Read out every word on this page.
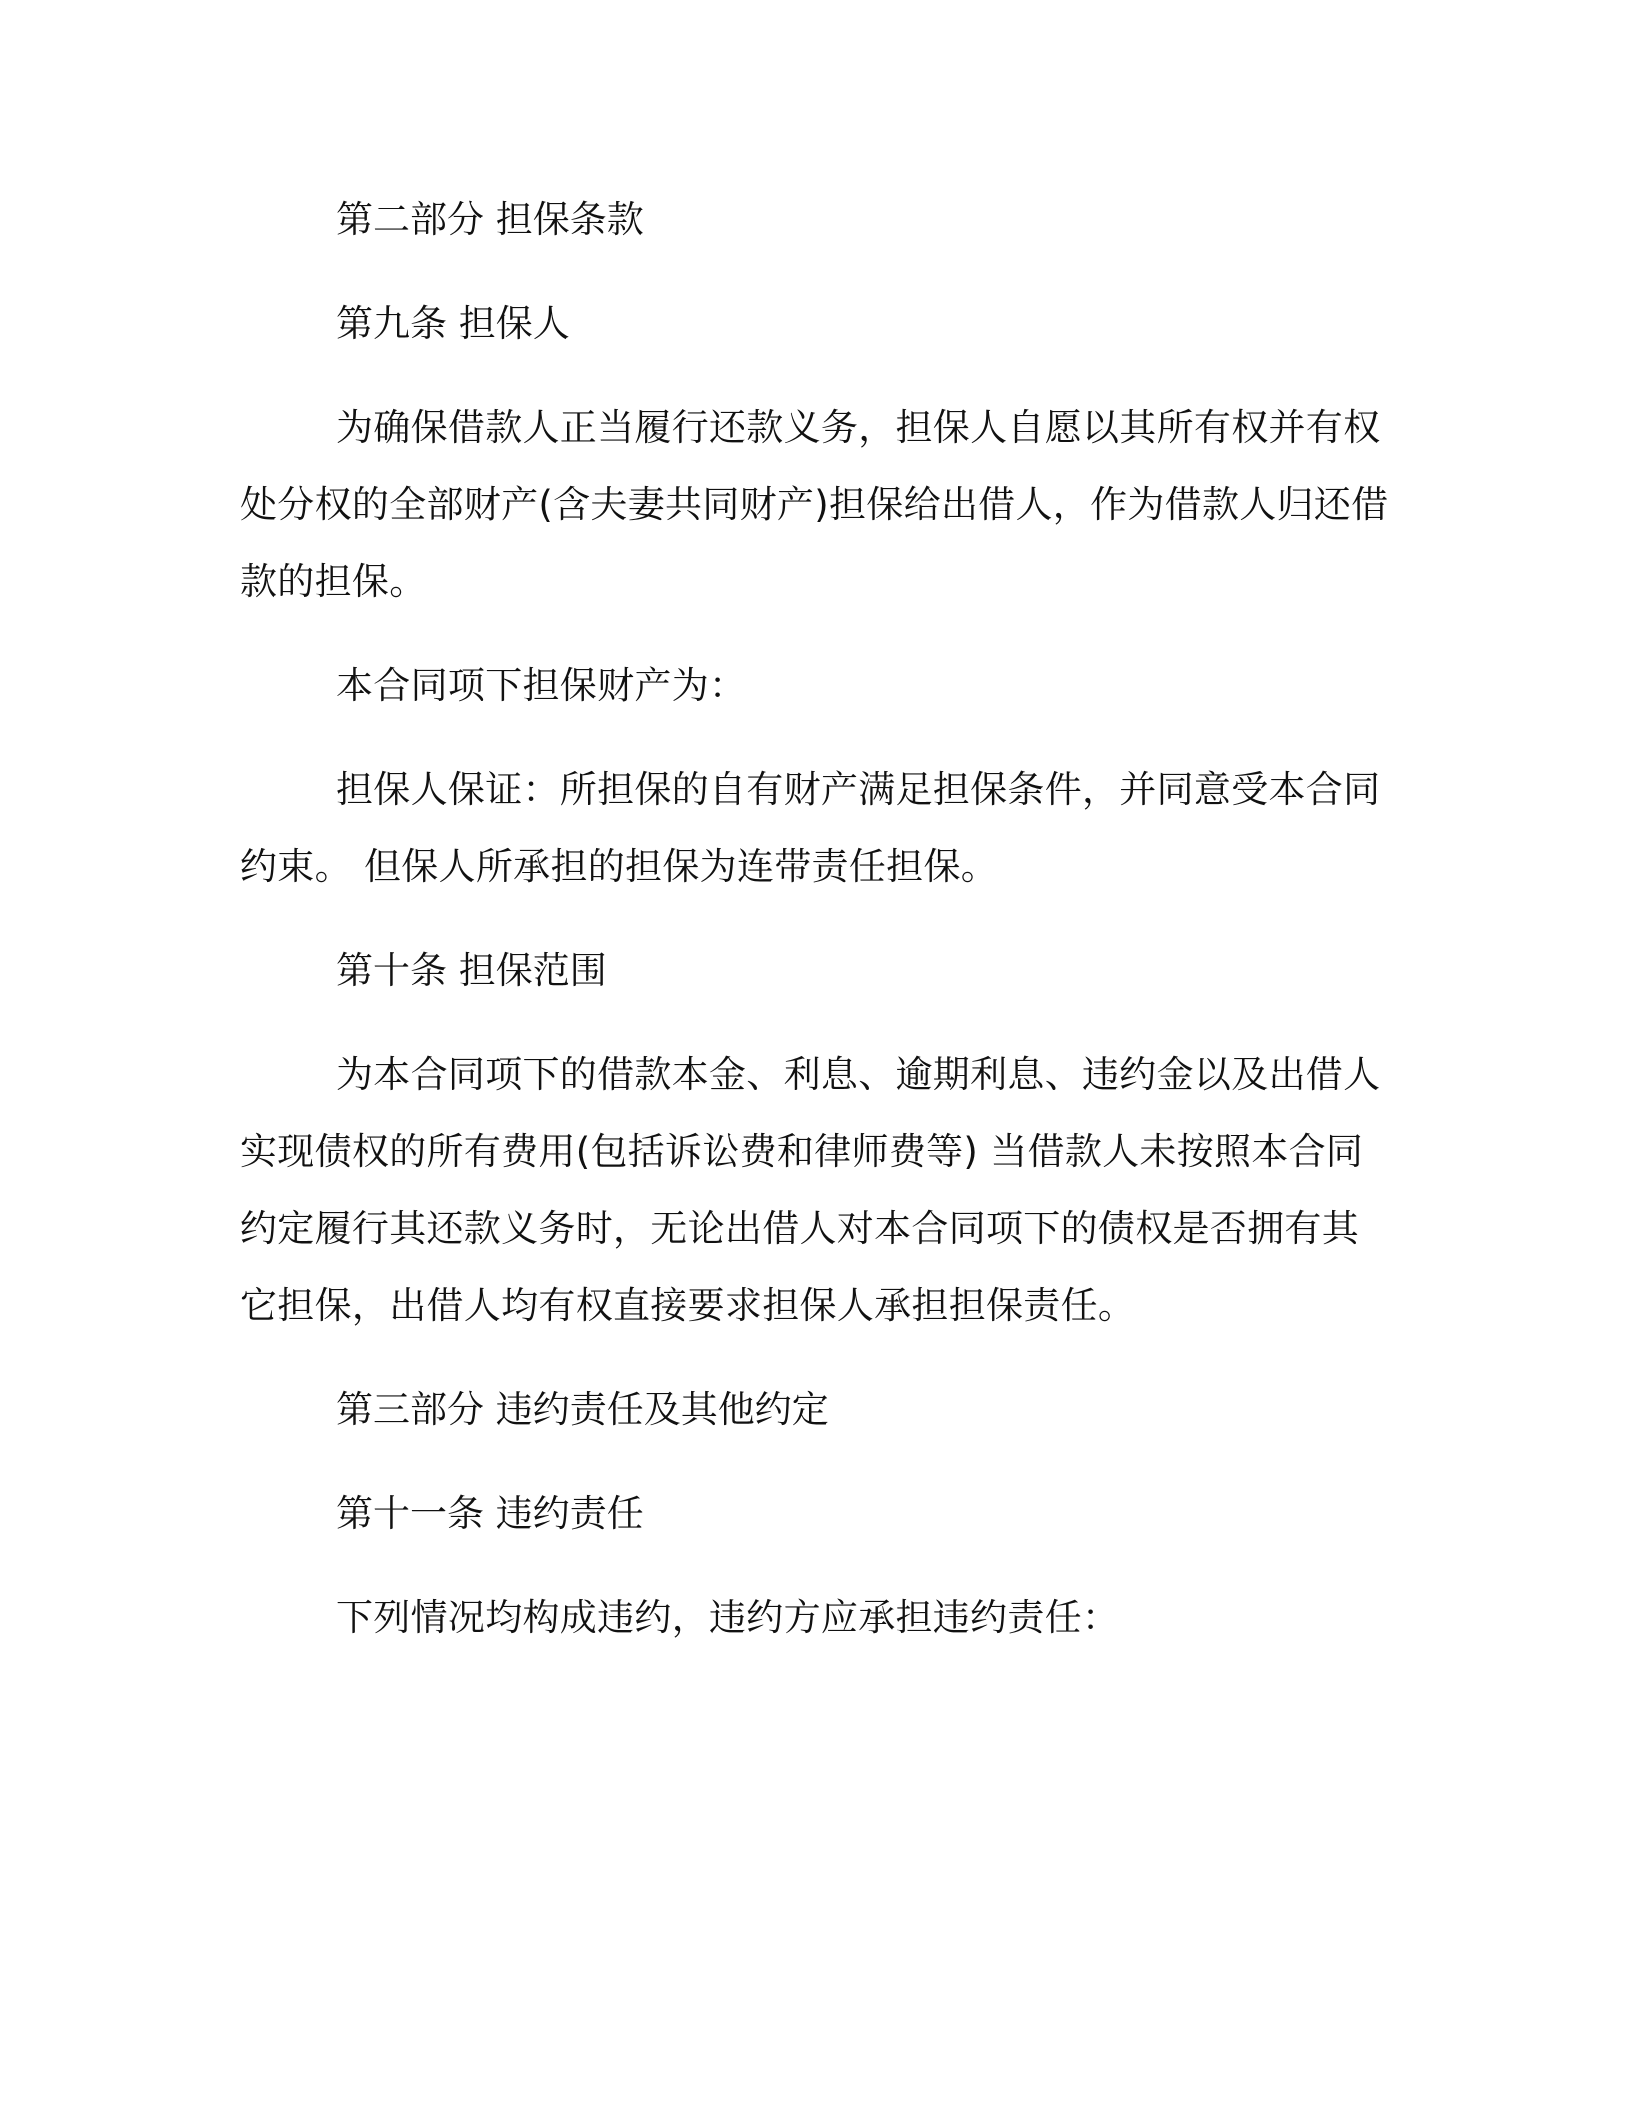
第二部分 担保条款

第九条 担保人

为确保借款人正当履行还款义务，担保人自愿以其所有权并有权处分权的全部财产(含夫妻共同财产)担保给出借人，作为借款人归还借款的担保。

本合同项下担保财产为：

担保人保证：所担保的自有财产满足担保条件，并同意受本合同约束。 但保人所承担的担保为连带责任担保。

第十条 担保范围

为本合同项下的借款本金、利息、逾期利息、违约金以及出借人实现债权的所有费用(包括诉讼费和律师费等) 当借款人未按照本合同约定履行其还款义务时，无论出借人对本合同项下的债权是否拥有其它担保，出借人均有权直接要求担保人承担担保责任。

第三部分 违约责任及其他约定

第十一条 违约责任

下列情况均构成违约，违约方应承担违约责任：
